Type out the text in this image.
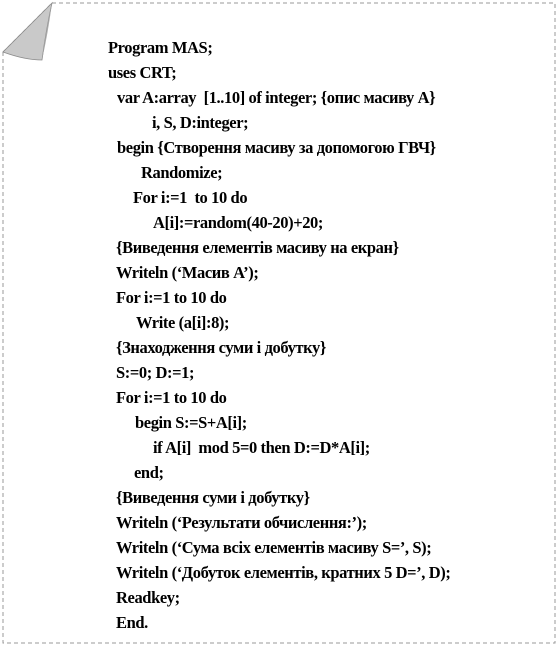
Program MAS;
uses CRT;
var A:array  [1..10] of integer; {опис масиву А}
i, S, D:integer;
begin {Створення масиву за допомогою ГВЧ}
Randomize;
For i:=1  to 10 do
A[i]:=random(40-20)+20;
{Виведення елементів масиву на екран}
Writeln (‘Масив А’);
For i:=1 to 10 do
Write (a[i]:8);
{Знаходження суми і добутку}
S:=0; D:=1;
For i:=1 to 10 do
begin S:=S+A[i];
if A[i]  mod 5=0 then D:=D*A[i];
end;
{Виведення суми і добутку}
Writeln (‘Результати обчислення:’);
Writeln (‘Сума всіх елементів масиву S=’, S);
Writeln (‘Добуток елементів, кратних 5 D=’, D);
Readkey;
End.
